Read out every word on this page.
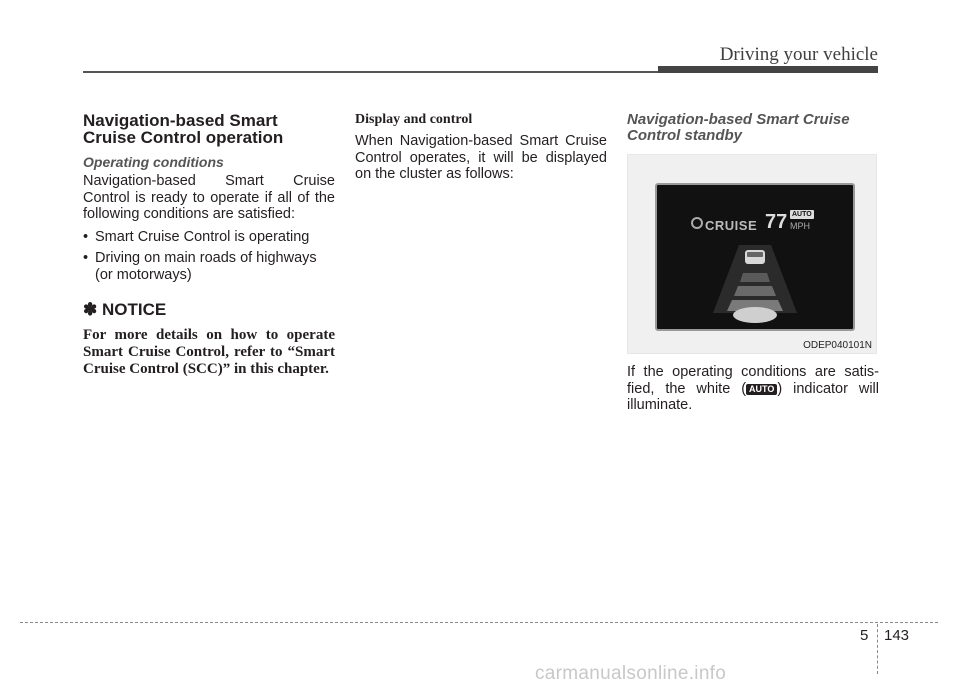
Driving your vehicle
Navigation-based Smart
Cruise Control operation
Operating conditions

Navigation-based Smart Cruise Control is ready to operate if all of the following conditions are satisfied:

• Smart Cruise Control is operating
• Driving on main roads of highways (or motorways)
✽ NOTICE

For more details on how to operate Smart Cruise Control, refer to “Smart Cruise Control (SCC)” in this chapter.

Display and control

When Navigation-based Smart Cruise Control operates, it will be displayed on the cluster as follows:

Navigation-based Smart Cruise
Control standby
CRUISE 77 AUTO
MPH
ODEP040101N

If the operating conditions are satis-fied, the white ( AUTO ) indicator will illuminate.

5 143
carmanualsonline.info
